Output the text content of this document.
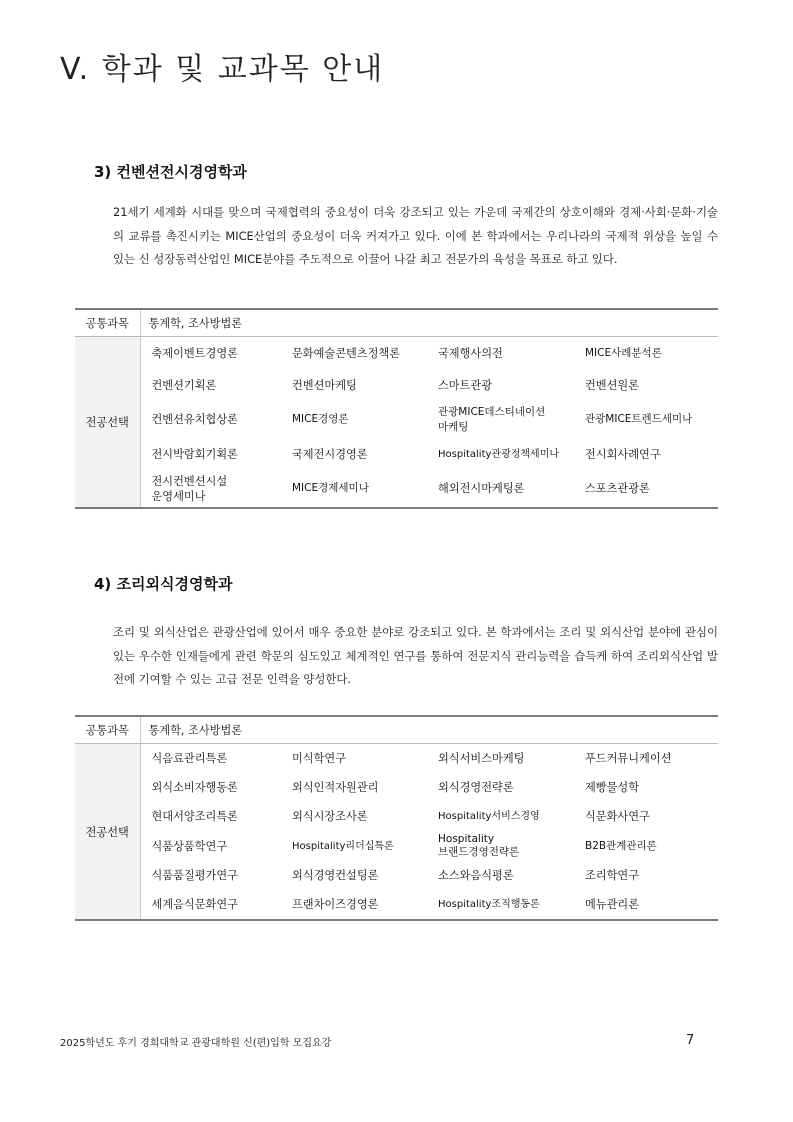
V. 학과 및 교과목 안내
3) 컨벤션전시경영학과

21세기 세계화 시대를 맞으며 국제협력의 중요성이 더욱 강조되고 있는 가운데 국제간의 상호이해와 경제·사회·문화·기술의 교류를 촉진시키는 MICE산업의 중요성이 더욱 커져가고 있다. 이에 본 학과에서는 우리나라의 국제적 위상을 높일 수 있는 신 성장동력산업인 MICE분야를 주도적으로 이끌어 나갈 최고 전문가의 육성을 목표로 하고 있다.

공통과목	통계학, 조사방법론			
전공선택	축제이벤트경영론	문화예술콘텐츠정책론	국제행사의전	MICE사례분석론
	컨벤션기획론	컨벤션마케팅	스마트관광	컨벤션원론
	컨벤션유치협상론	MICE경영론	관광MICE데스티네이션
마케팅	관광MICE트렌드세미나
	전시박람회기획론	국제전시경영론	Hospitality관광정책세미나	전시회사례연구
	전시컨벤션시설
운영세미나	MICE경제세미나	해외전시마케팅론	스포츠관광론
4) 조리외식경영학과

조리 및 외식산업은 관광산업에 있어서 매우 중요한 분야로 강조되고 있다. 본 학과에서는 조리 및 외식산업 분야에 관심이 있는 우수한 인재들에게 관련 학문의 심도있고 체계적인 연구를 통하여 전문지식 관리능력을 습득케 하여 조리외식산업 발전에 기여할 수 있는 고급 전문 인력을 양성한다.

공통과목	통계학, 조사방법론			
전공선택	식음료관리특론	미식학연구	외식서비스마케팅	푸드커뮤니케이션
	외식소비자행동론	외식인적자원관리	외식경영전략론	제빵물성학
	현대서양조리특론	외식시장조사론	Hospitality서비스경영	식문화사연구
	식품상품학연구	Hospitality리더십특론	Hospitality
브랜드경영전략론	B2B관계관리론
	식품품질평가연구	외식경영컨설팅론	소스와음식평론	조리학연구
	세계음식문화연구	프랜차이즈경영론	Hospitality조직행동론	메뉴관리론

2025학년도 후기 경희대학교 관광대학원 신(편)입학 모집요강	7
